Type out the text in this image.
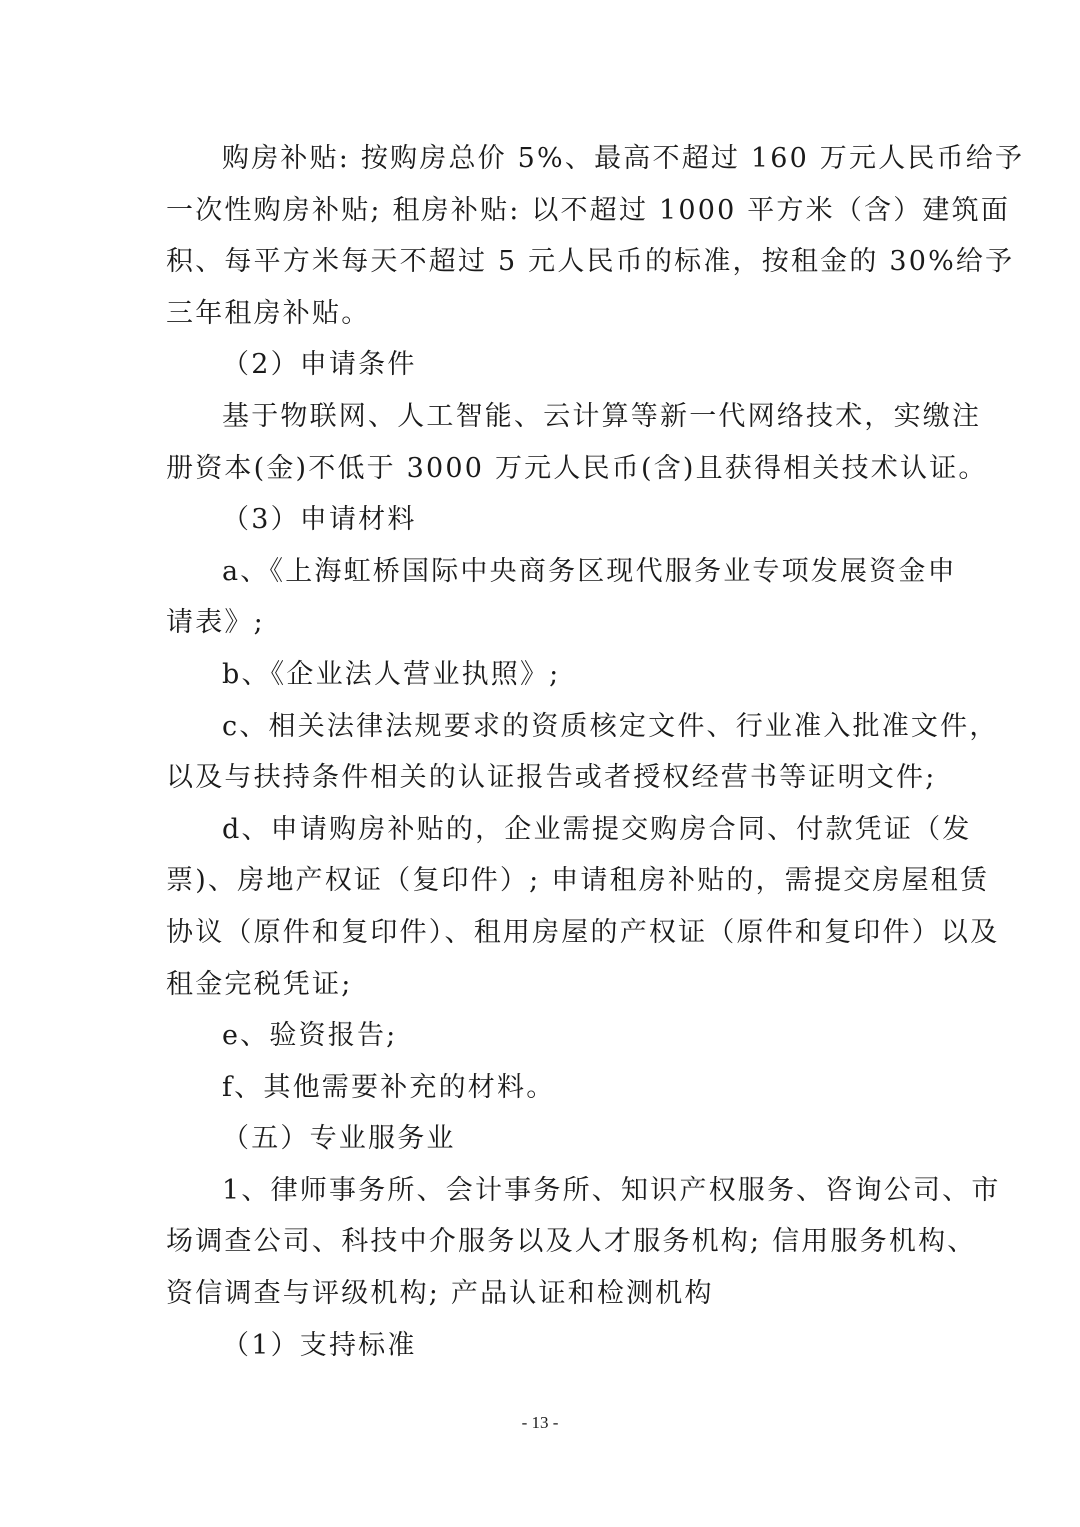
购房补贴: 按购房总价 5%、最高不超过 160 万元人民币给予
一次性购房补贴; 租房补贴: 以不超过 1000 平方米（含）建筑面
积、每平方米每天不超过 5 元人民币的标准，按租金的 30%给予
三年租房补贴。
（2）申请条件
基于物联网、人工智能、云计算等新一代网络技术，实缴注
册资本(金)不低于 3000 万元人民币(含)且获得相关技术认证。
（3）申请材料
a、《上海虹桥国际中央商务区现代服务业专项发展资金申
请表》;
b、《企业法人营业执照》;
c、相关法律法规要求的资质核定文件、行业准入批准文件，
以及与扶持条件相关的认证报告或者授权经营书等证明文件;
d、申请购房补贴的，企业需提交购房合同、付款凭证（发
票)、房地产权证（复印件）; 申请租房补贴的，需提交房屋租赁
协议（原件和复印件）、租用房屋的产权证（原件和复印件）以及
租金完税凭证;
e、验资报告;
f、其他需要补充的材料。
（五）专业服务业
1、律师事务所、会计事务所、知识产权服务、咨询公司、市
场调查公司、科技中介服务以及人才服务机构; 信用服务机构、
资信调查与评级机构; 产品认证和检测机构
（1）支持标准
- 13 -
